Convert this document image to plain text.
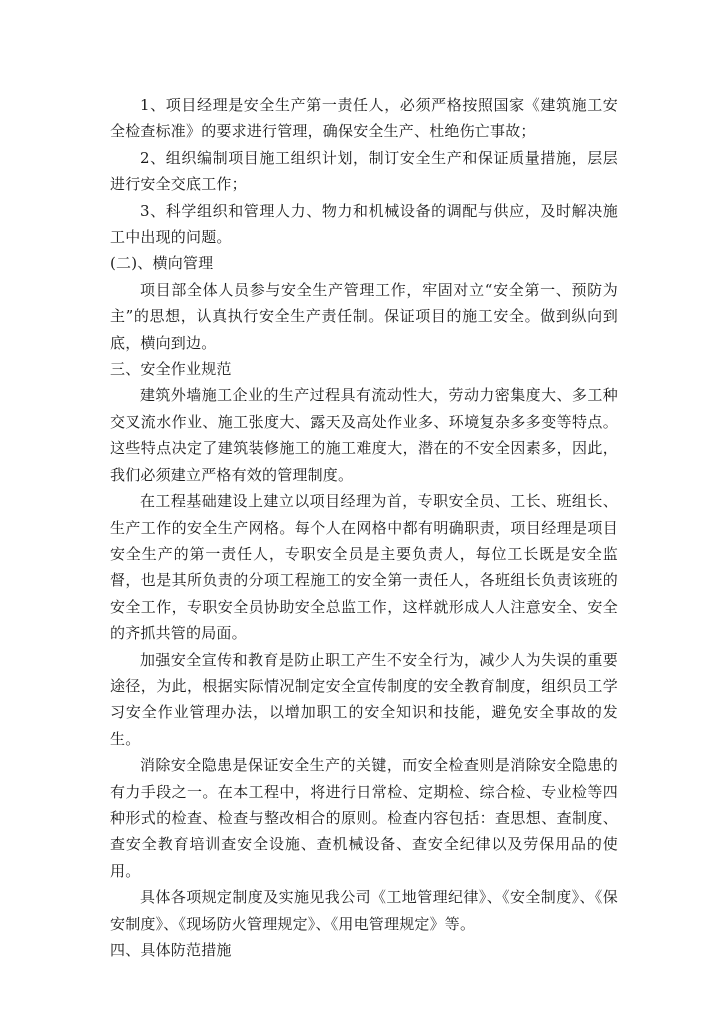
1、项目经理是安全生产第一责任人，必须严格按照国家《建筑施工安全检查标准》的要求进行管理，确保安全生产、杜绝伤亡事故；

2、组织编制项目施工组织计划，制订安全生产和保证质量措施，层层进行安全交底工作；

3、科学组织和管理人力、物力和机械设备的调配与供应，及时解决施工中出现的问题。

(二)、横向管理

项目部全体人员参与安全生产管理工作，牢固对立“安全第一、预防为主”的思想，认真执行安全生产责任制。保证项目的施工安全。做到纵向到底，横向到边。

三、安全作业规范

建筑外墙施工企业的生产过程具有流动性大，劳动力密集度大、多工种交叉流水作业、施工张度大、露天及高处作业多、环境复杂多多变等特点。这些特点决定了建筑装修施工的施工难度大，潜在的不安全因素多，因此，我们必须建立严格有效的管理制度。

在工程基础建设上建立以项目经理为首，专职安全员、工长、班组长、生产工作的安全生产网格。每个人在网格中都有明确职责，项目经理是项目安全生产的第一责任人，专职安全员是主要负责人，每位工长既是安全监督，也是其所负责的分项工程施工的安全第一责任人，各班组长负责该班的安全工作，专职安全员协助安全总监工作，这样就形成人人注意安全、安全的齐抓共管的局面。

加强安全宣传和教育是防止职工产生不安全行为，减少人为失误的重要途径，为此，根据实际情况制定安全宣传制度的安全教育制度，组织员工学习安全作业管理办法，以增加职工的安全知识和技能，避免安全事故的发生。

消除安全隐患是保证安全生产的关键，而安全检查则是消除安全隐患的有力手段之一。在本工程中，将进行日常检、定期检、综合检、专业检等四种形式的检查、检查与整改相合的原则。检查内容包括：查思想、查制度、查安全教育培训查安全设施、查机械设备、查安全纪律以及劳保用品的使用。

具体各项规定制度及实施见我公司《工地管理纪律》、《安全制度》、《保安制度》、《现场防火管理规定》、《用电管理规定》等。

四、具体防范措施
